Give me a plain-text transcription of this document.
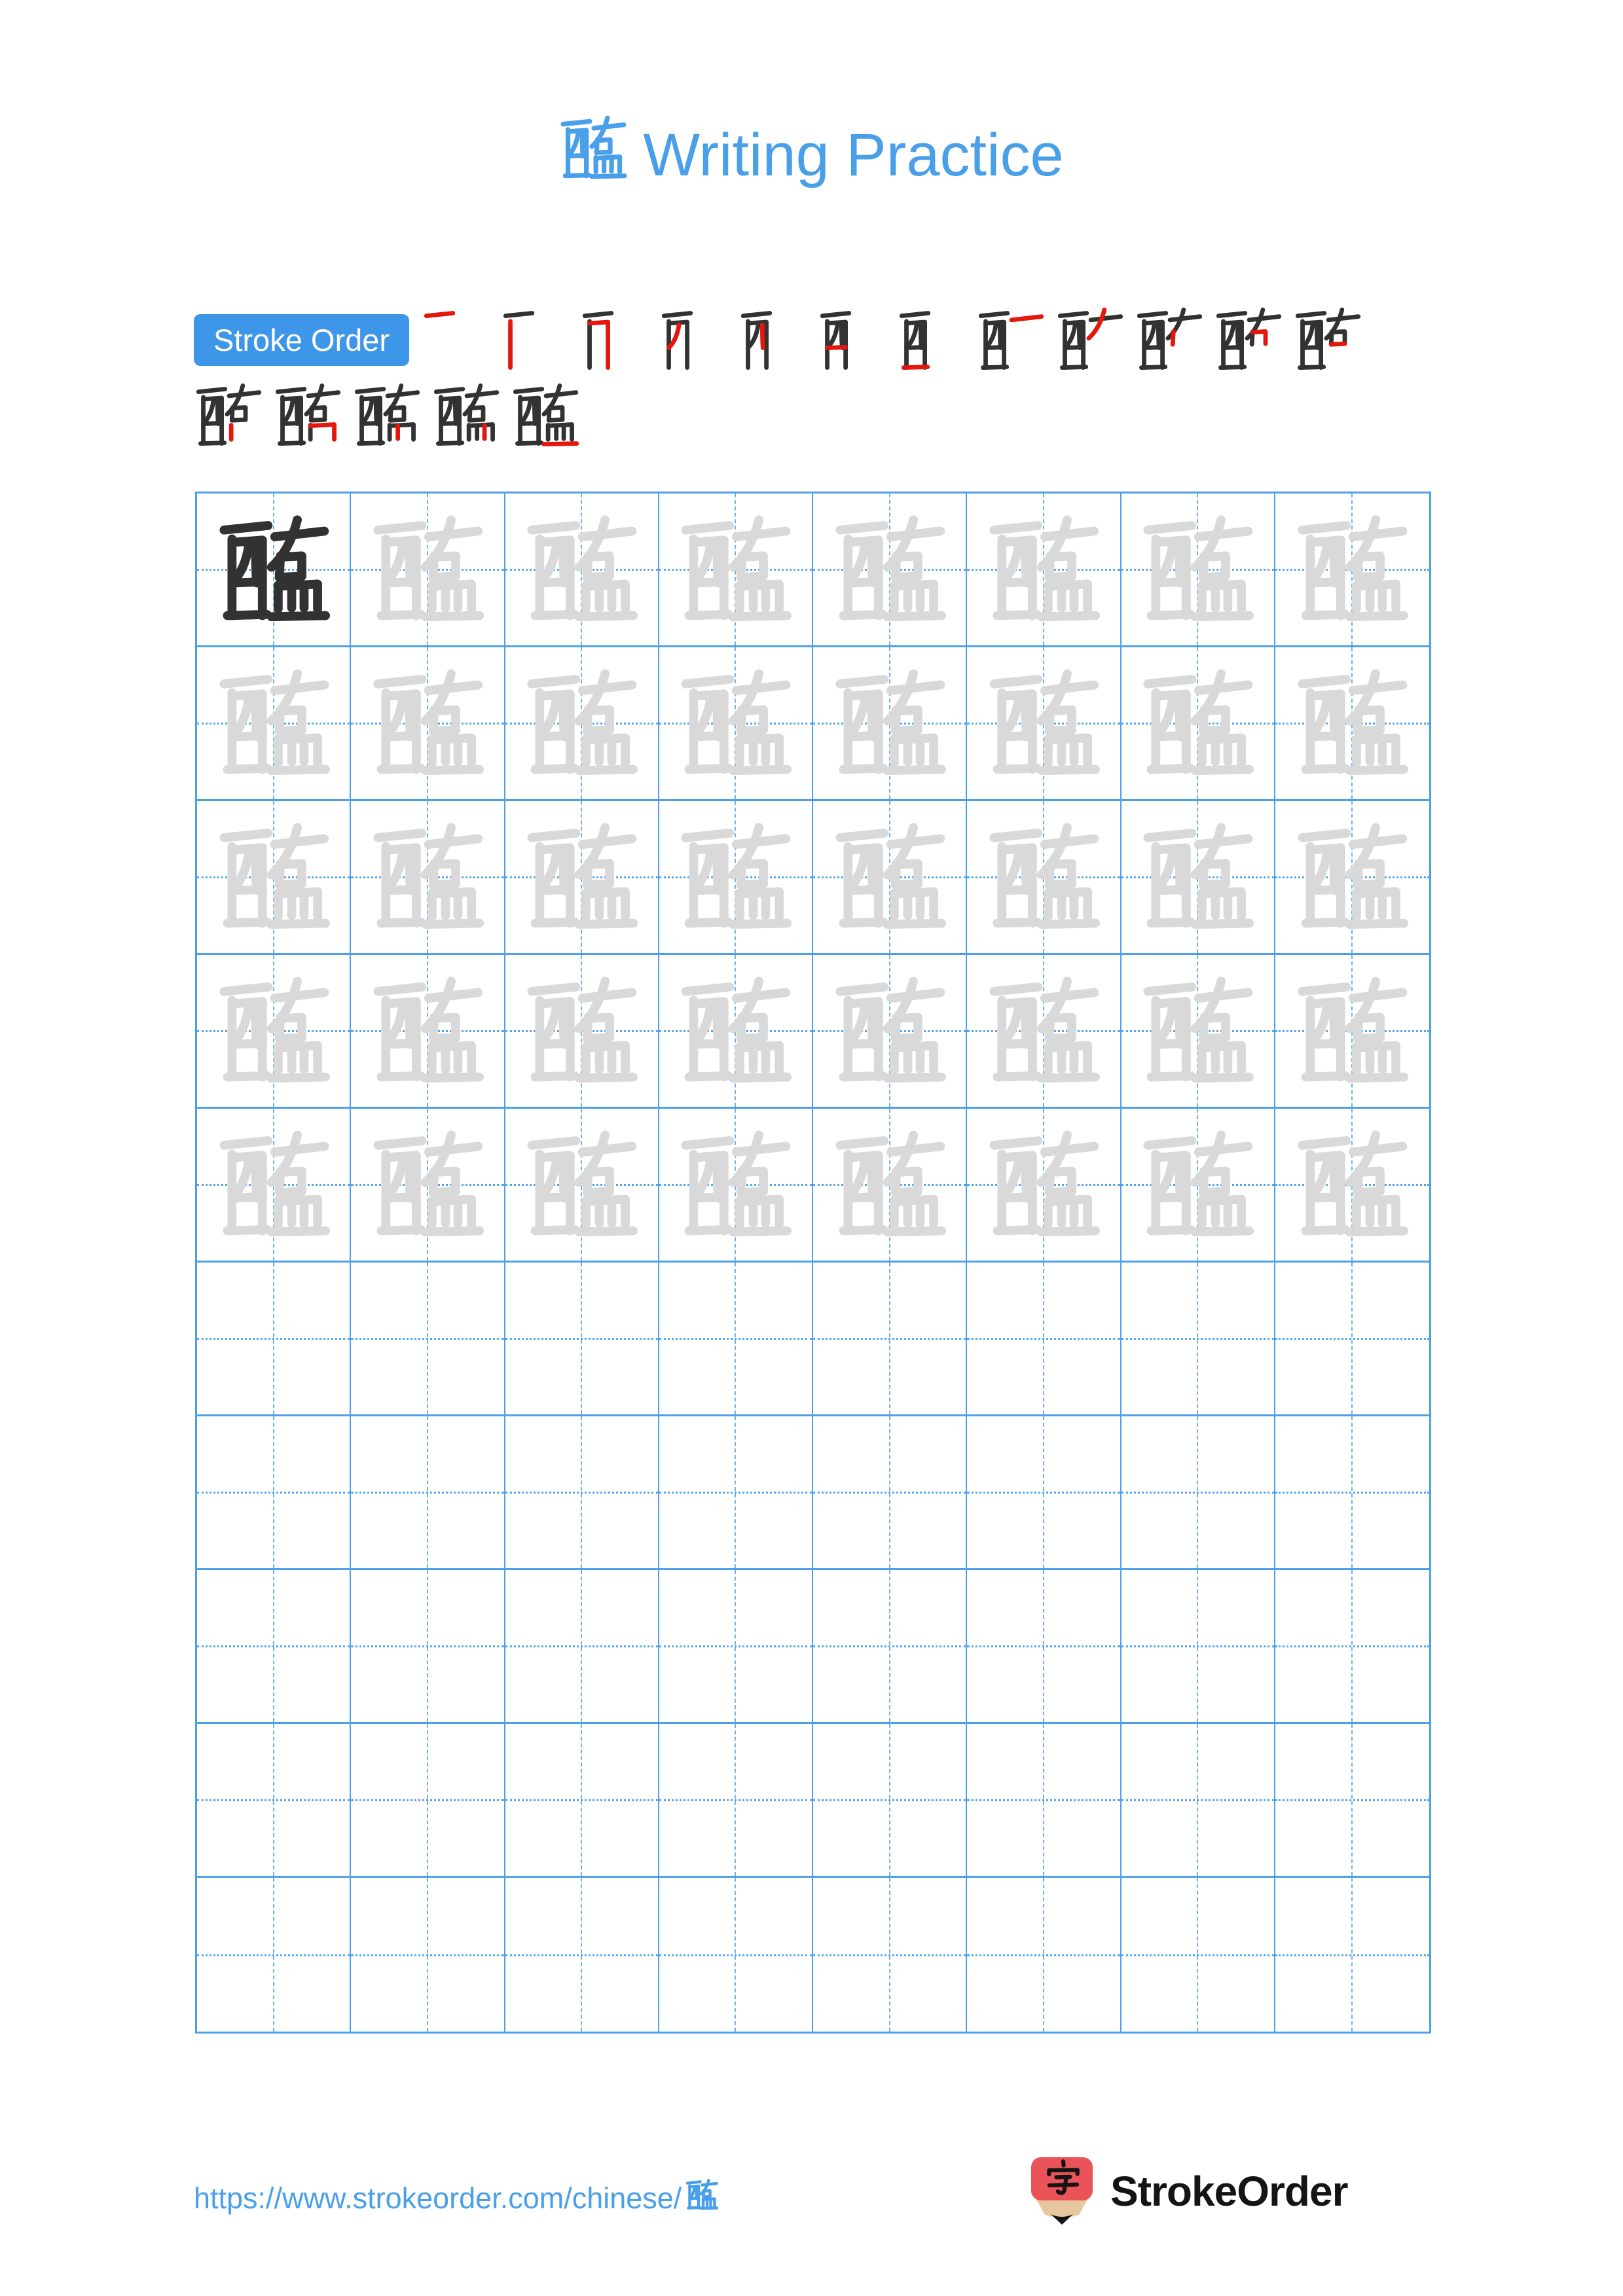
Writing Practice
Stroke Order
https://www.strokeorder.com/chinese/	StrokeOrder
